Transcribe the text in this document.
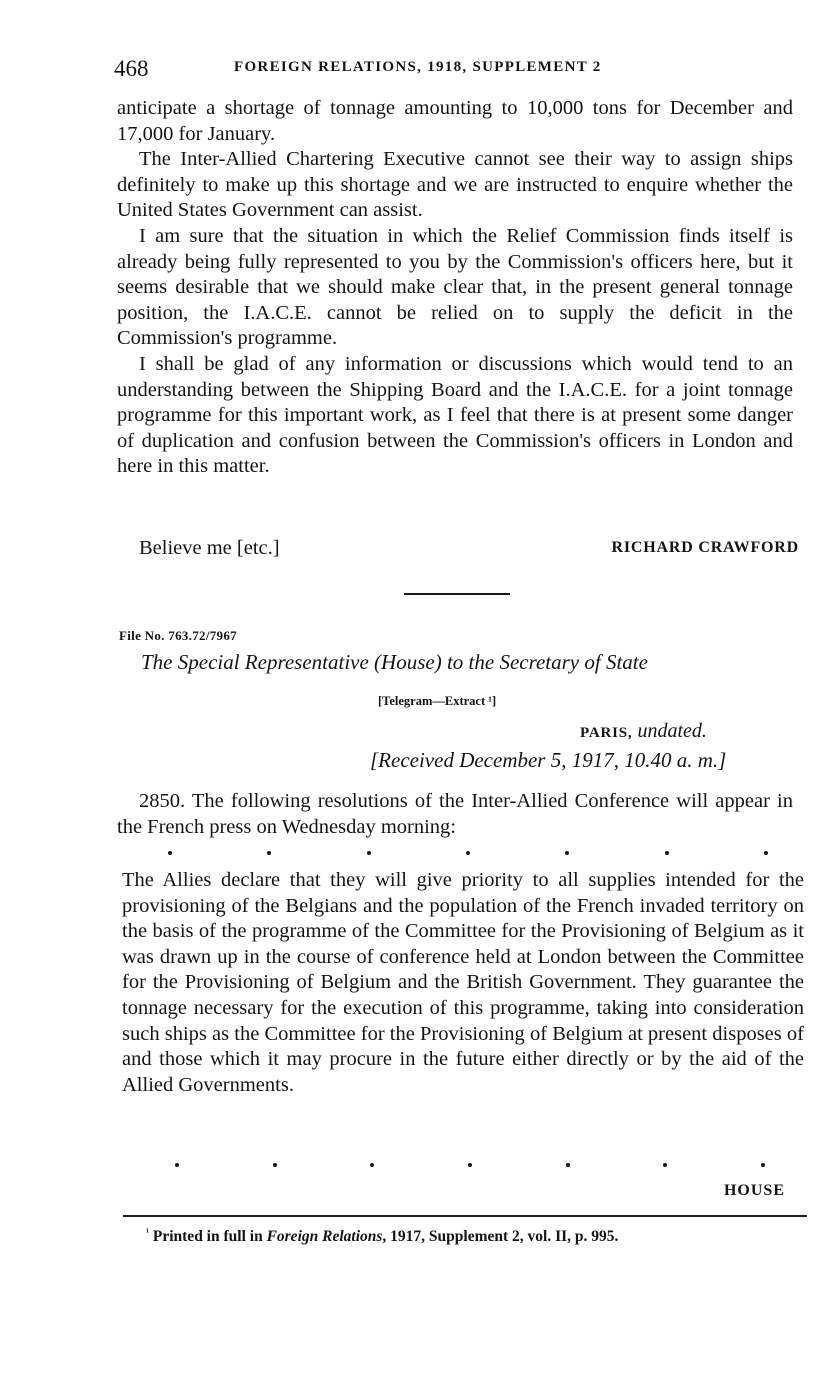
468	FOREIGN RELATIONS, 1918, SUPPLEMENT 2

anticipate a shortage of tonnage amounting to 10,000 tons for December and 17,000 for January.

The Inter-Allied Chartering Executive cannot see their way to assign ships definitely to make up this shortage and we are instructed to enquire whether the United States Government can assist.

I am sure that the situation in which the Relief Commission finds itself is already being fully represented to you by the Commission's officers here, but it seems desirable that we should make clear that, in the present general tonnage position, the I.A.C.E. cannot be relied on to supply the deficit in the Commission's programme.

I shall be glad of any information or discussions which would tend to an understanding between the Shipping Board and the I.A.C.E. for a joint tonnage programme for this important work, as I feel that there is at present some danger of duplication and confusion between the Commission's officers in London and here in this matter.

Believe me [etc.]	RICHARD CRAWFORD
File No. 763.72/7967
The Special Representative (House) to the Secretary of State
[Telegram—Extract ¹]
PARIS, undated.
[Received December 5, 1917, 10.40 a. m.]

2850. The following resolutions of the Inter-Allied Conference will appear in the French press on Wednesday morning:

The Allies declare that they will give priority to all supplies intended for the provisioning of the Belgians and the population of the French invaded territory on the basis of the programme of the Committee for the Provisioning of Belgium as it was drawn up in the course of conference held at London between the Committee for the Provisioning of Belgium and the British Government. They guarantee the tonnage necessary for the execution of this programme, taking into consideration such ships as the Committee for the Provisioning of Belgium at present disposes of and those which it may procure in the future either directly or by the aid of the Allied Governments.

HOUSE
$^{^1}$ Printed in full in Foreign Relations, 1917, Supplement 2, vol. II, p. 995.
